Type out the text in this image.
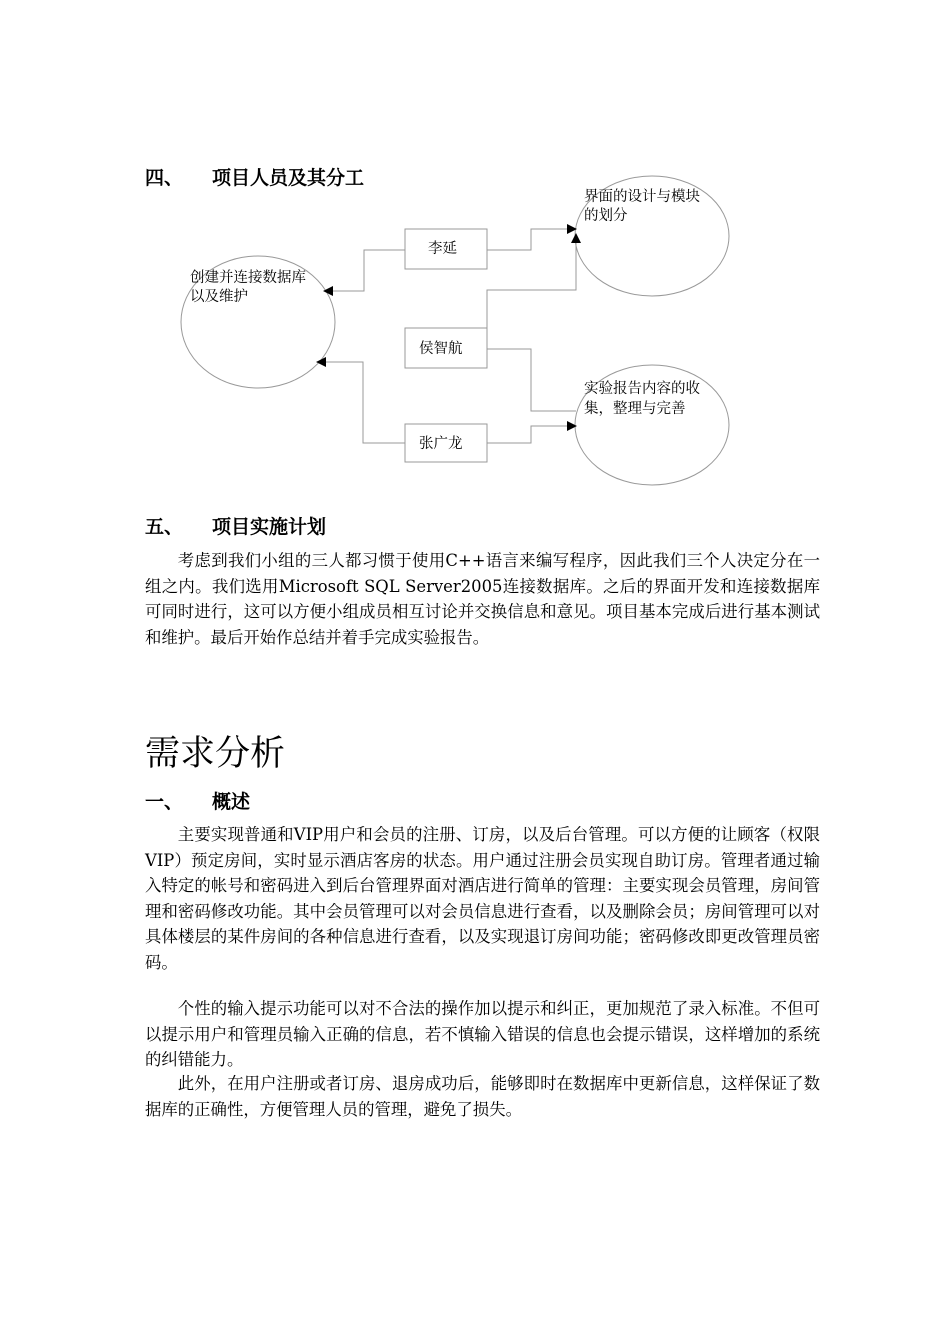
四、 项目人员及其分工
李延
侯智航
张广龙
界面的设计与模块
的划分
创建并连接数据库
以及维护
实验报告内容的收
集，整理与完善
五、 项目实施计划

考虑到我们小组的三人都习惯于使用C++语言来编写程序，因此我们三个人决定分在一组之内。我们选用Microsoft SQL Server2005连接数据库。之后的界面开发和连接数据库可同时进行，这可以方便小组成员相互讨论并交换信息和意见。项目基本完成后进行基本测试和维护。最后开始作总结并着手完成实验报告。

需求分析
一、 概述

主要实现普通和VIP用户和会员的注册、订房，以及后台管理。可以方便的让顾客（权限VIP）预定房间，实时显示酒店客房的状态。用户通过注册会员实现自助订房。管理者通过输入特定的帐号和密码进入到后台管理界面对酒店进行简单的管理：主要实现会员管理，房间管理和密码修改功能。其中会员管理可以对会员信息进行查看，以及删除会员；房间管理可以对具体楼层的某件房间的各种信息进行查看，以及实现退订房间功能；密码修改即更改管理员密码。

个性的输入提示功能可以对不合法的操作加以提示和纠正，更加规范了录入标准。不但可以提示用户和管理员输入正确的信息，若不慎输入错误的信息也会提示错误，这样增加的系统的纠错能力。

此外，在用户注册或者订房、退房成功后，能够即时在数据库中更新信息，这样保证了数据库的正确性，方便管理人员的管理，避免了损失。
